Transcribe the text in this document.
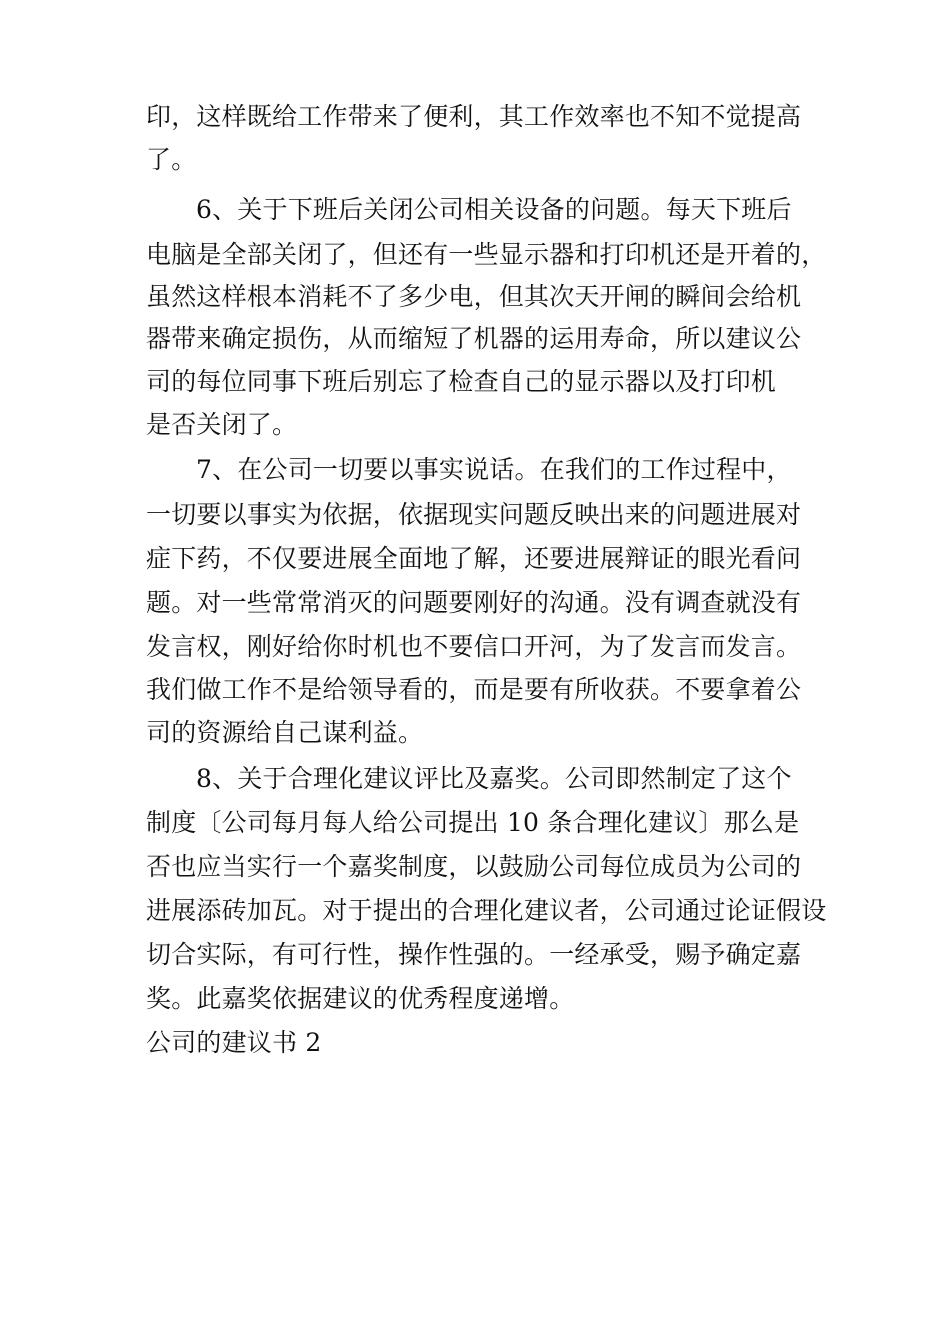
印，这样既给工作带来了便利，其工作效率也不知不觉提高
了。
6、关于下班后关闭公司相关设备的问题。每天下班后
电脑是全部关闭了，但还有一些显示器和打印机还是开着的，
虽然这样根本消耗不了多少电，但其次天开闸的瞬间会给机
器带来确定损伤，从而缩短了机器的运用寿命，所以建议公
司的每位同事下班后别忘了检查自己的显示器以及打印机
是否关闭了。
7、在公司一切要以事实说话。在我们的工作过程中，
一切要以事实为依据，依据现实问题反映出来的问题进展对
症下药，不仅要进展全面地了解，还要进展辩证的眼光看问
题。对一些常常消灭的问题要刚好的沟通。没有调查就没有
发言权，刚好给你时机也不要信口开河，为了发言而发言。
我们做工作不是给领导看的，而是要有所收获。不要拿着公
司的资源给自己谋利益。
8、关于合理化建议评比及嘉奖。公司即然制定了这个
制度〔公司每月每人给公司提出 10 条合理化建议〕那么是
否也应当实行一个嘉奖制度，以鼓励公司每位成员为公司的
进展添砖加瓦。对于提出的合理化建议者，公司通过论证假设
切合实际，有可行性，操作性强的。一经承受，赐予确定嘉
奖。此嘉奖依据建议的优秀程度递增。
公司的建议书 2
